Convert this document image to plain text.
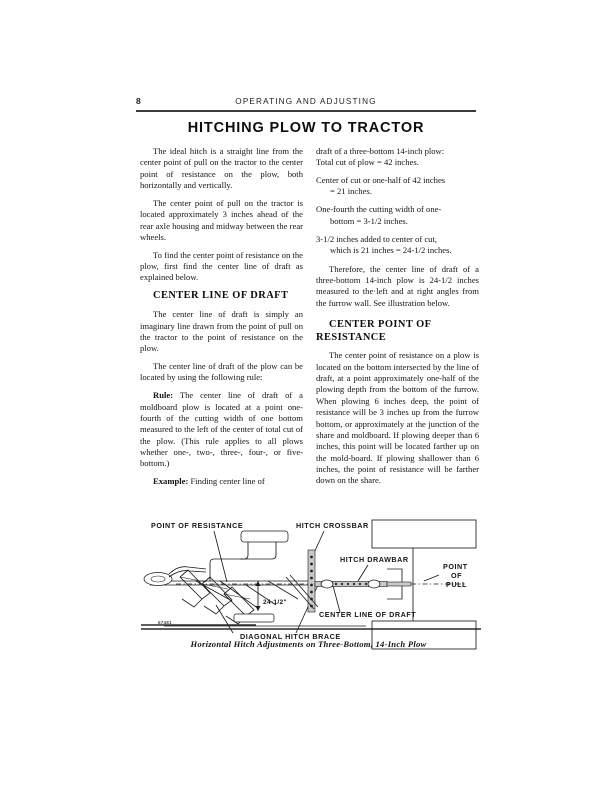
8	OPERATING AND ADJUSTING
HITCHING PLOW TO TRACTOR

The ideal hitch is a straight line from the center point of pull on the tractor to the center point of resistance on the plow, both horizontally and vertically.

The center point of pull on the tractor is located approximately 3 inches ahead of the rear axle housing and midway between the rear wheels.

To find the center point of resistance on the plow, first find the center line of draft as explained below.

CENTER LINE OF DRAFT

The center line of draft is simply an imaginary line drawn from the point of pull on the tractor to the point of resistance on the plow.

The center line of draft of the plow can be located by using the following rule:

Rule: The center line of draft of a moldboard plow is located at a point one-fourth of the cutting width of one bottom measured to the left of the center of total cut of the plow. (This rule applies to all plows whether one-, two-, three-, four-, or five-bottom.)

Example: Finding center line of

draft of a three-bottom 14-inch plow:
Total cut of plow = 42 inches.

Center of cut or one-half of 42 inches
= 21 inches.

One-fourth the cutting width of one-
bottom = 3-1/2 inches.

3-1/2 inches added to center of cut,
which is 21 inches = 24-1/2 inches.

Therefore, the center line of draft of a three-bottom 14-inch plow is 24-1/2 inches measured to the·left and at right angles from the furrow wall. See illustration below.

CENTER POINT OF RESISTANCE

The center point of resistance on a plow is located on the bottom intersected by the line of draft, at a point approximately one-half of the plowing depth from the bottom of the furrow. When plowing 6 inches deep, the point of resistance will be 3 inches up from the furrow bottom, or approximately at the junction of the share and moldboard. If plowing deeper than 6 inches, this point will be located farther up on the mold-board. If plowing shallower than 6 inches, the point of resistance will be farther down on the share.

POINT OF RESISTANCE	HITCH CROSSBAR
HITCH DRAWBAR
POINT
OF
PULL
CENTER LINE OF DRAFT
DIAGONAL HITCH BRACE
24-1/2"
67481
Horizontal Hitch Adjustments on Three-Bottom, 14-Inch Plow
